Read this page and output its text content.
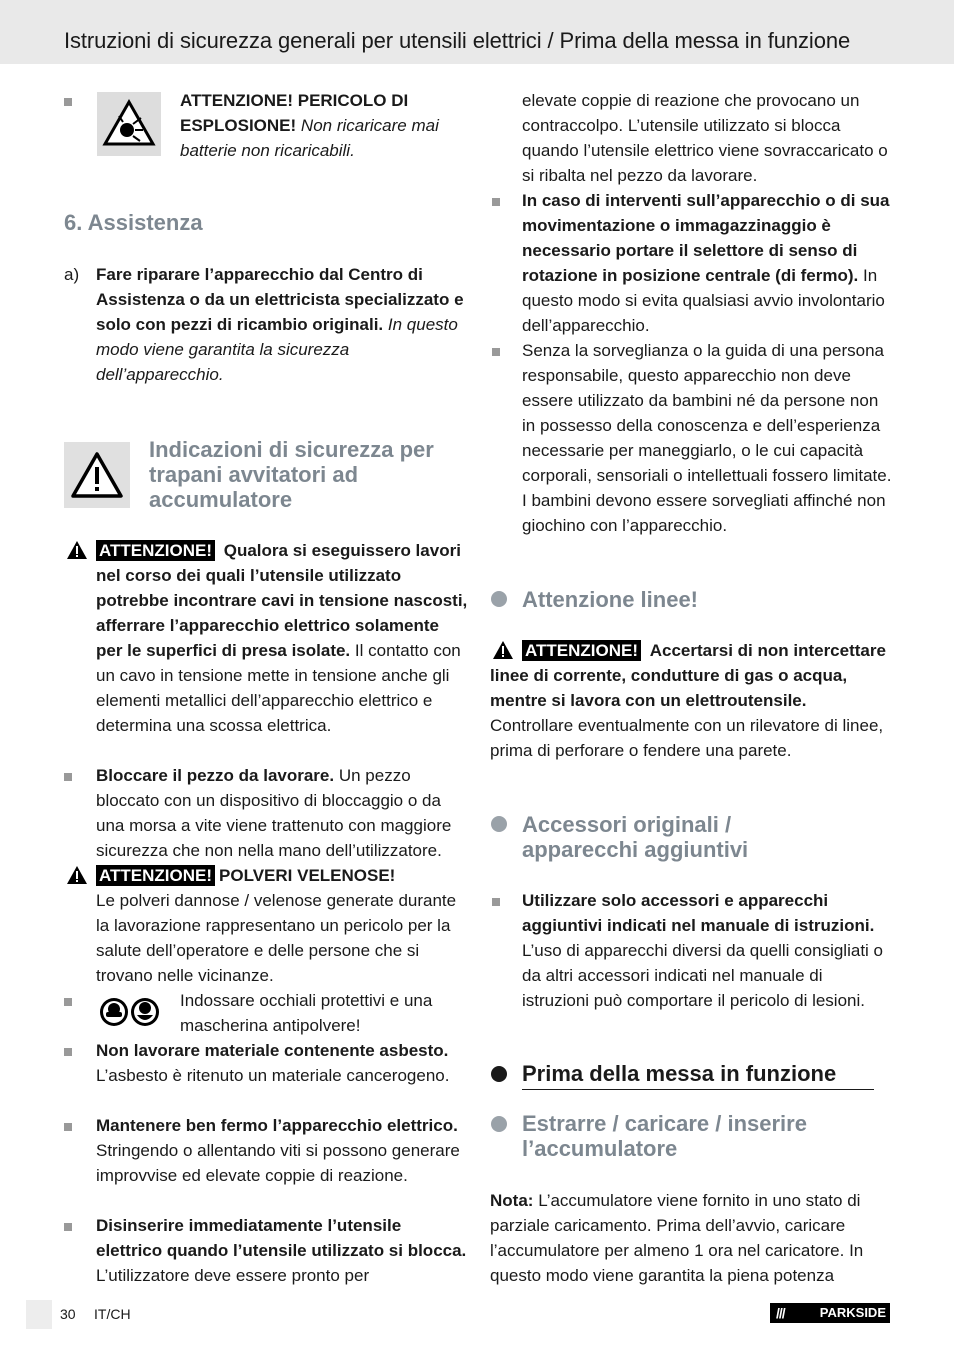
Istruzioni di sicurezza generali per utensili elettrici / Prima della messa in funzione
ATTENZIONE! PERICOLO DI ESPLOSIONE! Non ricaricare mai batterie non ricaricabili.
6. Assistenza
a) Fare riparare l’apparecchio dal Centro di Assistenza o da un elettricista specializzato e solo con pezzi di ricambio originali. In questo modo viene garantita la sicurezza dell’apparecchio.
Indicazioni di sicurezza per trapani avvitatori ad accumulatore
ATTENZIONE! Qualora si eseguissero lavori nel corso dei quali l’utensile utilizzato potrebbe incontrare cavi in tensione nascosti, afferrare l’apparecchio elettrico solamente per le superfici di presa isolate. Il contatto con un cavo in tensione mette in tensione anche gli elementi metallici dell’apparecchio elettrico e determina una scossa elettrica.
Bloccare il pezzo da lavorare. Un pezzo bloccato con un dispositivo di bloccaggio o da una morsa a vite viene trattenuto con maggiore sicurezza che non nella mano dell’utilizzatore.
ATTENZIONE! POLVERI VELENOSE!
Le polveri dannose / velenose generate durante la lavorazione rappresentano un pericolo per la salute dell’operatore e delle persone che si trovano nelle vicinanze.
Indossare occhiali protettivi e una mascherina antipolvere!
Non lavorare materiale contenente asbesto. L’asbesto è ritenuto un materiale cancerogeno.
Mantenere ben fermo l’apparecchio elettrico. Stringendo o allentando viti si possono generare improvvise ed elevate coppie di reazione.
Disinserire immediatamente l’utensile elettrico quando l’utensile utilizzato si blocca. L’utilizzatore deve essere pronto per
elevate coppie di reazione che provocano un contraccolpo. L’utensile utilizzato si blocca quando l’utensile elettrico viene sovraccaricato o si ribalta nel pezzo da lavorare.
In caso di interventi sull’apparecchio o di sua movimentazione o immagazzinaggio è necessario portare il selettore di senso di rotazione in posizione centrale (di fermo). In questo modo si evita qualsiasi avvio involontario dell’apparecchio.
Senza la sorveglianza o la guida di una persona responsabile, questo apparecchio non deve essere utilizzato da bambini né da persone non in possesso della conoscenza e dell’esperienza necessarie per maneggiarlo, o le cui capacità corporali, sensoriali o intellettuali fossero limitate. I bambini devono essere sorvegliati affinché non giochino con l’apparecchio.
Attenzione linee!
ATTENZIONE! Accertarsi di non intercettare linee di corrente, condutture di gas o acqua, mentre si lavora con un elettroutensile. Controllare eventualmente con un rilevatore di linee, prima di perforare o fendere una parete.
Accessori originali / apparecchi aggiuntivi
Utilizzare solo accessori e apparecchi aggiuntivi indicati nel manuale di istruzioni. L’uso di apparecchi diversi da quelli consigliati o da altri accessori indicati nel manuale di istruzioni può comportare il pericolo di lesioni.
Prima della messa in funzione
Estrarre / caricare / inserire l’accumulatore
Nota: L’accumulatore viene fornito in uno stato di parziale caricamento. Prima dell’avvio, caricare l’accumulatore per almeno 1 ora nel caricatore. In questo modo viene garantita la piena potenza
30 IT/CH	///	PARKSIDE
